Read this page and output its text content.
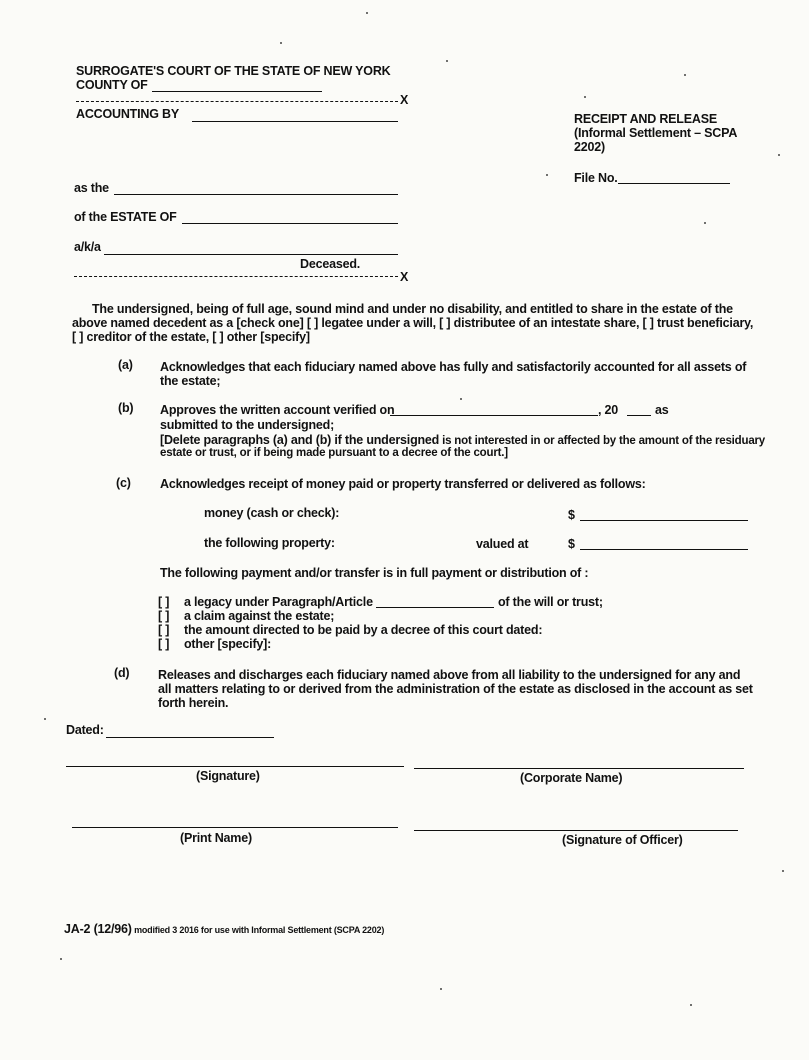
SURROGATE'S COURT OF THE STATE OF NEW YORK
COUNTY OF
X
ACCOUNTING BY
as the
of the ESTATE OF
a/k/a
Deceased.
X
RECEIPT AND RELEASE
(Informal Settlement – SCPA
2202)
File No.
The undersigned, being of full age, sound mind and under no disability, and entitled to share in the estate of the above named decedent as a [check one] [ ] legatee under a will, [ ] distributee of an intestate share, [ ] trust beneficiary, [ ] creditor of the estate, [ ] other [specify]
(a) Acknowledges that each fiduciary named above has fully and satisfactorily accounted for all assets of the estate;
(b) Approves the written account verified on	, 20	as
submitted to the undersigned;
[Delete paragraphs (a) and (b) if the undersigned is not interested in or affected by the amount of the residuary
estate or trust, or if being made pursuant to a decree of the court.]
(c) Acknowledges receipt of money paid or property transferred or delivered as follows:
money (cash or check):	$
the following property:	valued at	$
The following payment and/or transfer is in full payment or distribution of :
[ ] a legacy under Paragraph/Article	of the will or trust;
[ ] a claim against the estate;
[ ] the amount directed to be paid by a decree of this court dated:
[ ] other [specify]:
(d) Releases and discharges each fiduciary named above from all liability to the undersigned for any and all matters relating to or derived from the administration of the estate as disclosed in the account as set forth herein.
Dated:
(Signature)	(Corporate Name)
(Print Name)	(Signature of Officer)
JA-2 (12/96) modified 3 2016 for use with Informal Settlement (SCPA 2202)
